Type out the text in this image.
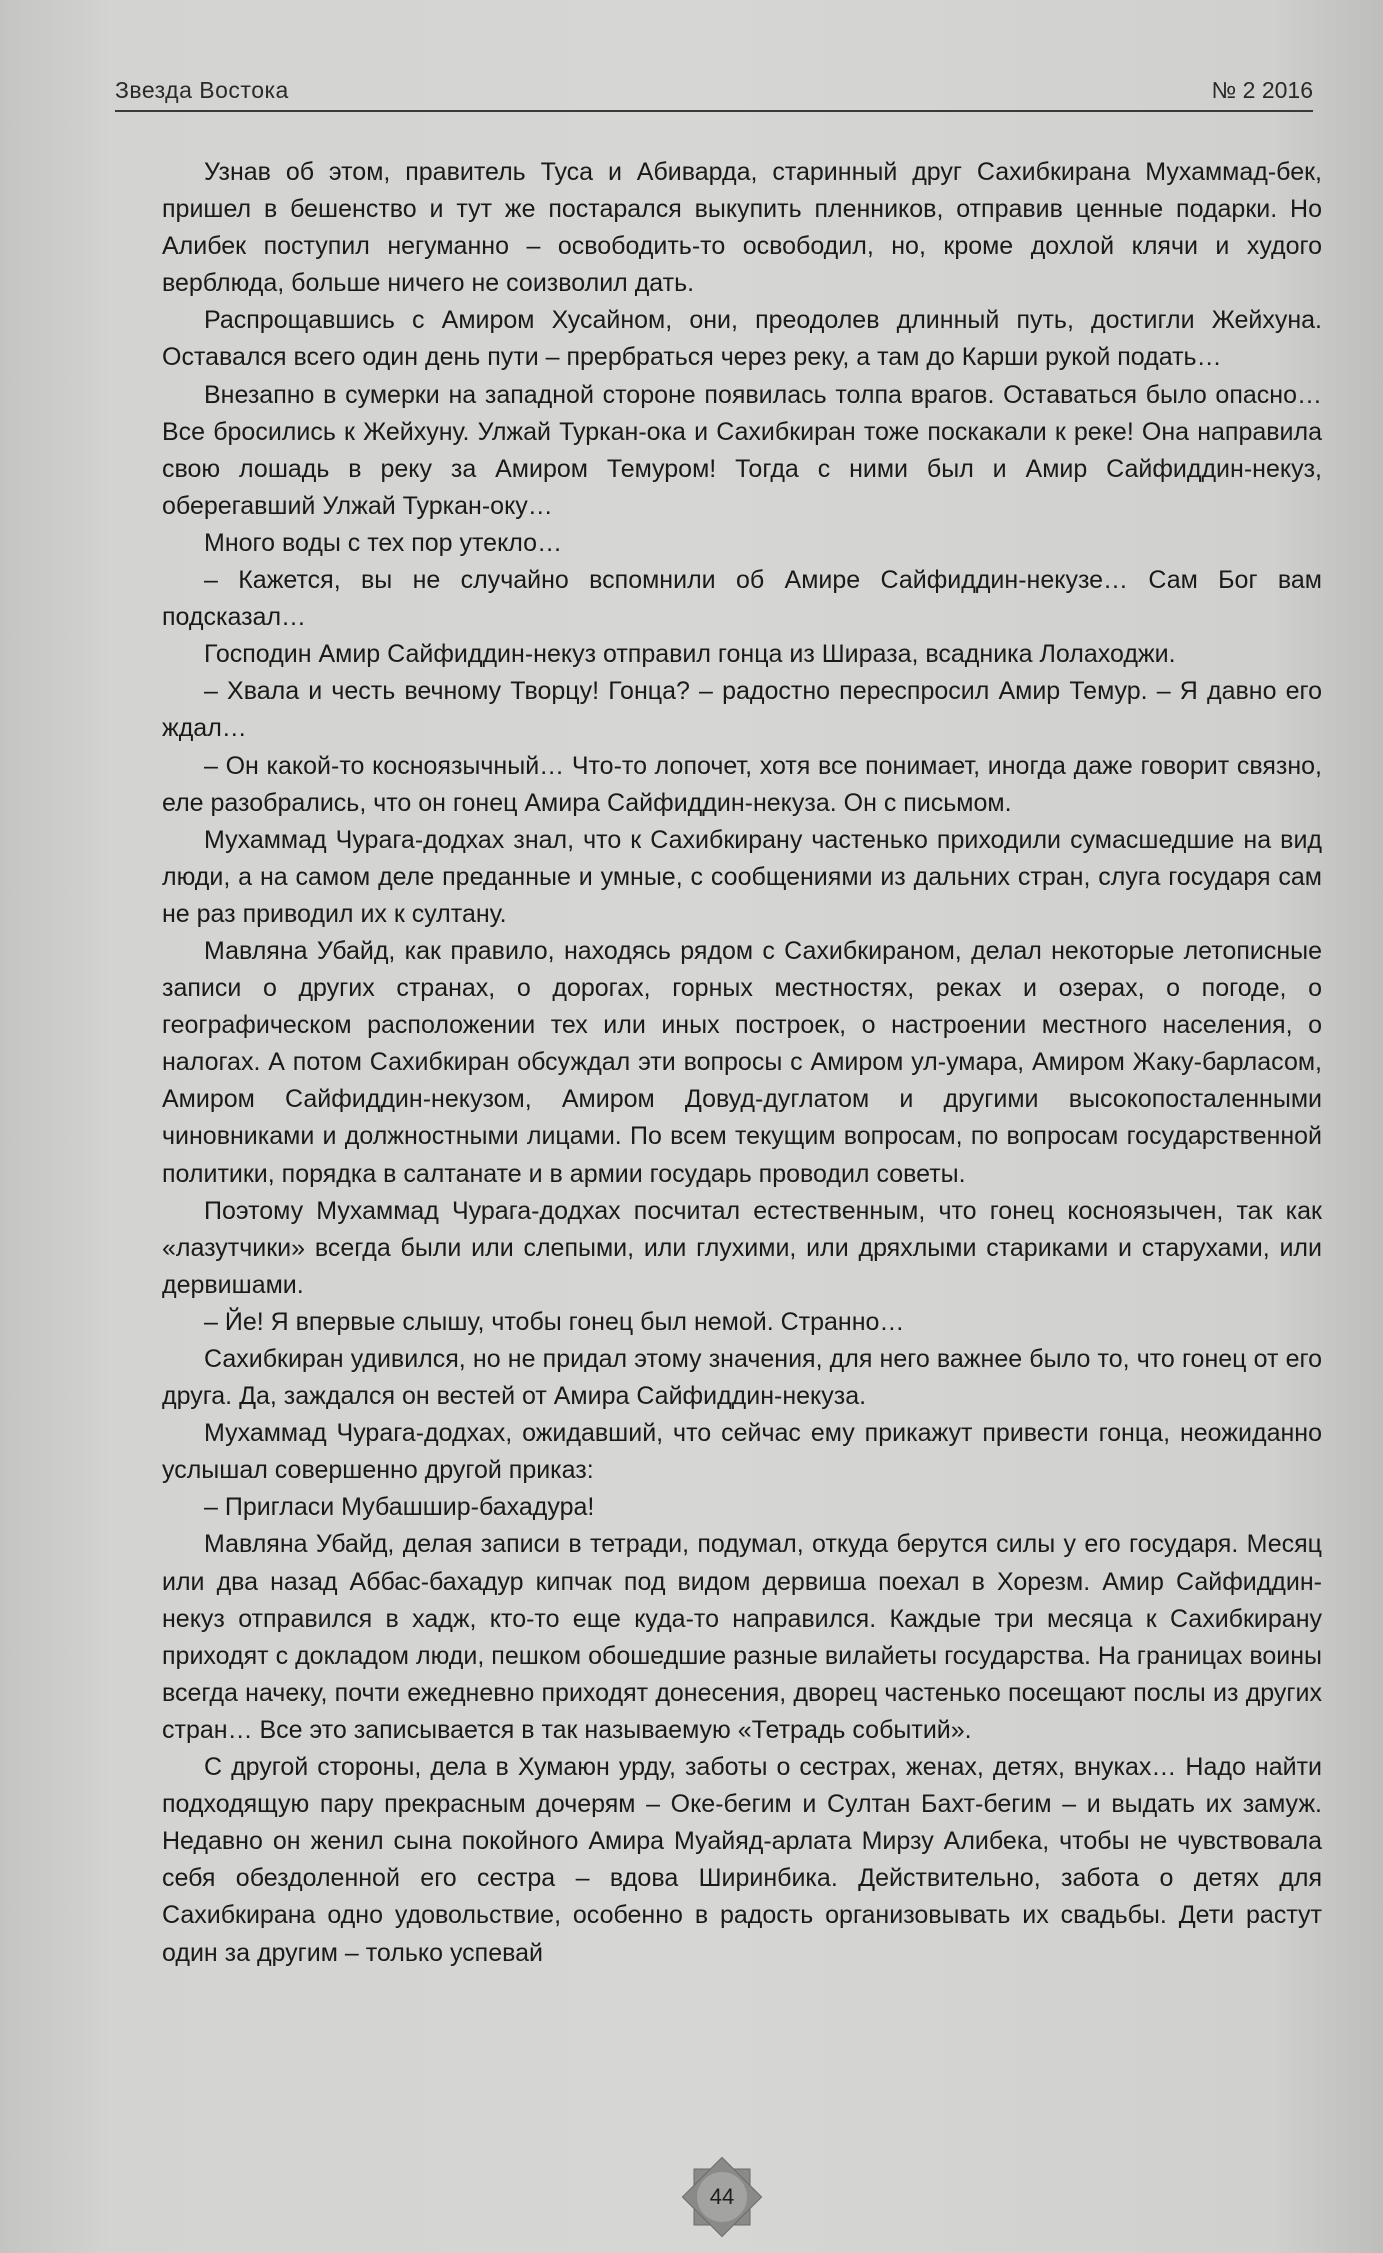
Звезда Востока	№ 2 2016

Узнав об этом, правитель Туса и Абиварда, старинный друг Сахибкирана Мухаммад-бек, пришел в бешенство и тут же постарался выкупить пленников, отправив ценные подарки. Но Алибек поступил негуманно – освободить-то освободил, но, кроме дохлой клячи и худого верблюда, больше ничего не соизволил дать.

Распрощавшись с Амиром Хусайном, они, преодолев длинный путь, достигли Жейхуна. Оставался всего один день пути – прербраться через реку, а там до Карши рукой подать…

Внезапно в сумерки на западной стороне появилась толпа врагов. Оставаться было опасно… Все бросились к Жейхуну. Улжай Туркан-ока и Сахибкиран тоже поскакали к реке! Она направила свою лошадь в реку за Амиром Темуром! Тогда с ними был и Амир Сайфиддин-некуз, оберегавший Улжай Туркан-оку…

Много воды с тех пор утекло…

– Кажется, вы не случайно вспомнили об Амире Сайфиддин-некузе… Сам Бог вам подсказал…

Господин Амир Сайфиддин-некуз отправил гонца из Шираза, всадника Лолаходжи.

– Хвала и честь вечному Творцу! Гонца? – радостно переспросил Амир Темур. – Я давно его ждал…

– Он какой-то косноязычный… Что-то лопочет, хотя все понимает, иногда даже говорит связно, еле разобрались, что он гонец Амира Сайфиддин-некуза. Он с письмом.

Мухаммад Чурага-додхах знал, что к Сахибкирану частенько приходили сумасшедшие на вид люди, а на самом деле преданные и умные, с сообщениями из дальних стран, слуга государя сам не раз приводил их к султану.

Мавляна Убайд, как правило, находясь рядом с Сахибкираном, делал некоторые летописные записи о других странах, о дорогах, горных местностях, реках и озерах, о погоде, о географическом расположении тех или иных построек, о настроении местного населения, о налогах. А потом Сахибкиран обсуждал эти вопросы с Амиром ул-умара, Амиром Жаку-барласом, Амиром Сайфиддин-некузом, Амиром Довуд-дуглатом и другими высокопосталенными чиновниками и должностными лицами. По всем текущим вопросам, по вопросам государственной политики, порядка в салтанате и в армии государь проводил советы.

Поэтому Мухаммад Чурага-додхах посчитал естественным, что гонец косноязычен, так как «лазутчики» всегда были или слепыми, или глухими, или дряхлыми стариками и старухами, или дервишами.

– Йе! Я впервые слышу, чтобы гонец был немой. Странно…

Сахибкиран удивился, но не придал этому значения, для него важнее было то, что гонец от его друга. Да, заждался он вестей от Амира Сайфиддин-некуза.

Мухаммад Чурага-додхах, ожидавший, что сейчас ему прикажут привести гонца, неожиданно услышал совершенно другой приказ:

– Пригласи Мубашшир-бахадура!

Мавляна Убайд, делая записи в тетради, подумал, откуда берутся силы у его государя. Месяц или два назад Аббас-бахадур кипчак под видом дервиша поехал в Хорезм. Амир Сайфиддин-некуз отправился в хадж, кто-то еще куда-то направился. Каждые три месяца к Сахибкирану приходят с докладом люди, пешком обошедшие разные вилайеты государства. На границах воины всегда начеку, почти ежедневно приходят донесения, дворец частенько посещают послы из других стран… Все это записывается в так называемую «Тетрадь событий».

С другой стороны, дела в Хумаюн урду, заботы о сестрах, женах, детях, внуках… Надо найти подходящую пару прекрасным дочерям – Оке-бегим и Султан Бахт-бегим – и выдать их замуж. Недавно он женил сына покойного Амира Муайяд-арлата Мирзу Алибека, чтобы не чувствовала себя обездоленной его сестра – вдова Ширинбика. Действительно, забота о детях для Сахибкирана одно удовольствие, особенно в радость организовывать их свадьбы. Дети растут один за другим – только успевай

44
